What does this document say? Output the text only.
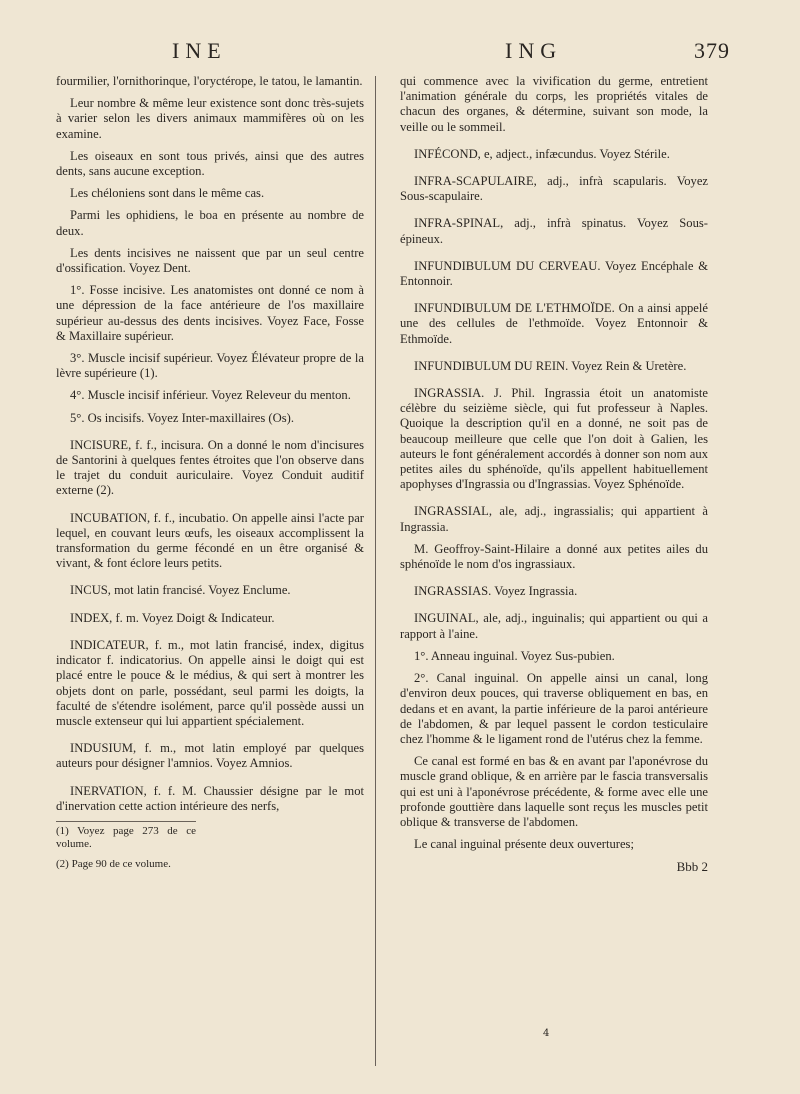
INE	ING	379

fourmilier, l'ornithorinque, l'oryctérope, le tatou, le lamantin.

Leur nombre & même leur existence sont donc très-sujets à varier selon les divers animaux mammifères où on les examine.

Les oiseaux en sont tous privés, ainsi que des autres dents, sans aucune exception.

Les chéloniens sont dans le même cas.

Parmi les ophidiens, le boa en présente au nombre de deux.

Les dents incisives ne naissent que par un seul centre d'ossification. Voyez Dent.

1°. Fosse incisive. Les anatomistes ont donné ce nom à une dépression de la face antérieure de l'os maxillaire supérieur au-dessus des dents incisives. Voyez Face, Fosse & Maxillaire supérieur.

3°. Muscle incisif supérieur. Voyez Élévateur propre de la lèvre supérieure (1).

4°. Muscle incisif inférieur. Voyez Releveur du menton.

5°. Os incisifs. Voyez Inter-maxillaires (Os).

INCISURE, f. f., incisura. On a donné le nom d'incisures de Santorini à quelques fentes étroites que l'on observe dans le trajet du conduit auriculaire. Voyez Conduit auditif externe (2).

INCUBATION, f. f., incubatio. On appelle ainsi l'acte par lequel, en couvant leurs œufs, les oiseaux accomplissent la transformation du germe fécondé en un être organisé & vivant, & font éclore leurs petits.

INCUS, mot latin francisé. Voyez Enclume.

INDEX, f. m. Voyez Doigt & Indicateur.

INDICATEUR, f. m., mot latin francisé, index, digitus indicator f. indicatorius. On appelle ainsi le doigt qui est placé entre le pouce & le médius, & qui sert à montrer les objets dont on parle, possédant, seul parmi les doigts, la faculté de s'étendre isolément, parce qu'il possède aussi un muscle extenseur qui lui appartient spécialement.

INDUSIUM, f. m., mot latin employé par quelques auteurs pour désigner l'amnios. Voyez Amnios.

INERVATION, f. f. M. Chaussier désigne par le mot d'inervation cette action intérieure des nerfs,

(1) Voyez page 273 de ce volume.

(2) Page 90 de ce volume.

qui commence avec la vivification du germe, entretient l'animation générale du corps, les propriétés vitales de chacun des organes, & détermine, suivant son mode, la veille ou le sommeil.

INFÉCOND, e, adject., infæcundus. Voyez Stérile.

INFRA-SCAPULAIRE, adj., infrà scapularis. Voyez Sous-scapulaire.

INFRA-SPINAL, adj., infrà spinatus. Voyez Sous-épineux.

INFUNDIBULUM DU CERVEAU. Voyez Encéphale & Entonnoir.

INFUNDIBULUM DE L'ETHMOÏDE. On a ainsi appelé une des cellules de l'ethmoïde. Voyez Entonnoir & Ethmoïde.

INFUNDIBULUM DU REIN. Voyez Rein & Uretère.

INGRASSIA. J. Phil. Ingrassia étoit un anatomiste célèbre du seizième siècle, qui fut professeur à Naples. Quoique la description qu'il en a donné, ne soit pas de beaucoup meilleure que celle que l'on doit à Galien, les auteurs le font généralement accordés à donner son nom aux petites ailes du sphénoïde, qu'ils appellent habituellement apophyses d'Ingrassia ou d'Ingrassias. Voyez Sphénoïde.

INGRASSIAL, ale, adj., ingrassialis; qui appartient à Ingrassia.

M. Geoffroy-Saint-Hilaire a donné aux petites ailes du sphénoïde le nom d'os ingrassiaux.

INGRASSIAS. Voyez Ingrassia.

INGUINAL, ale, adj., inguinalis; qui appartient ou qui a rapport à l'aine.

1°. Anneau inguinal. Voyez Sus-pubien.

2°. Canal inguinal. On appelle ainsi un canal, long d'environ deux pouces, qui traverse obliquement en bas, en dedans et en avant, la partie inférieure de la paroi antérieure de l'abdomen, & par lequel passent le cordon testiculaire chez l'homme & le ligament rond de l'utérus chez la femme.

Ce canal est formé en bas & en avant par l'aponévrose du muscle grand oblique, & en arrière par le fascia transversalis qui est uni à l'aponévrose précédente, & forme avec elle une profonde gouttière dans laquelle sont reçus les muscles petit oblique & transverse de l'abdomen.

Le canal inguinal présente deux ouvertures;

Bbb 2

4
